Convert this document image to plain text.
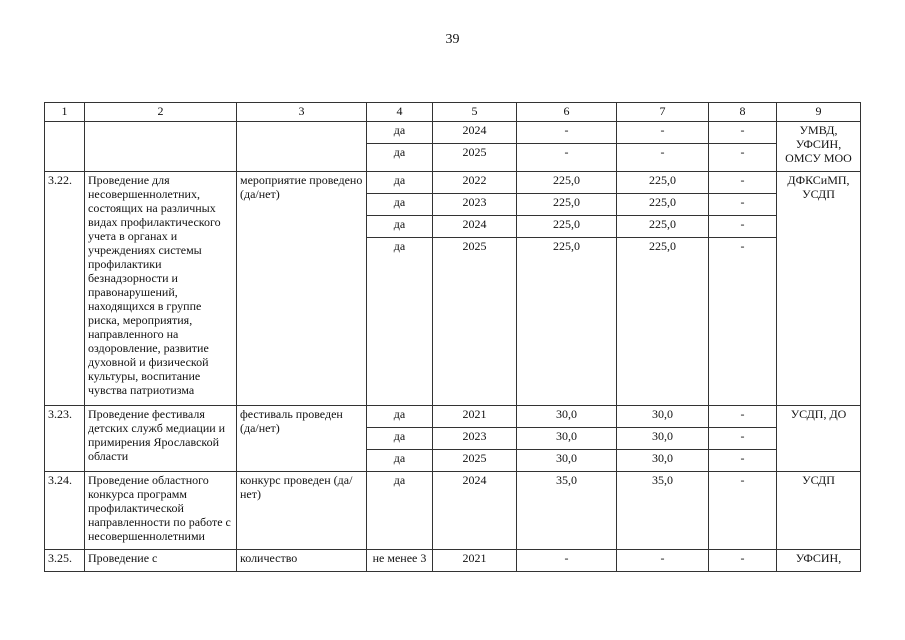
39
1	2	3	4	5	6	7	8	9
			да	2024	-	-	-	УМВД, УФСИН, ОМСУ МОО
			да	2025	-	-	-	
3.22.	Проведение для несовершеннолетних, состоящих на различных видах профилактического учета в органах и учреждениях системы профилактики безнадзорности и правонарушений, находящихся в группе риска, мероприятия, направленного на оздоровление, развитие духовной и физической культуры, воспитание чувства патриотизма	мероприятие проведено (да/нет)	да	2022	225,0	225,0	-	ДФКСиМП, УСДП
			да	2023	225,0	225,0	-	
			да	2024	225,0	225,0	-	
			да	2025	225,0	225,0	-	
3.23.	Проведение фестиваля детских служб медиации и примирения Ярославской области	фестиваль проведен (да/нет)	да	2021	30,0	30,0	-	УСДП, ДО
			да	2023	30,0	30,0	-	
			да	2025	30,0	30,0	-	
3.24.	Проведение областного конкурса программ профилактической направленности по работе с несовершеннолетними	конкурс проведен (да/нет)	да	2024	35,0	35,0	-	УСДП
3.25.	Проведение с	количество	не менее 3	2021	-	-	-	УФСИН,
